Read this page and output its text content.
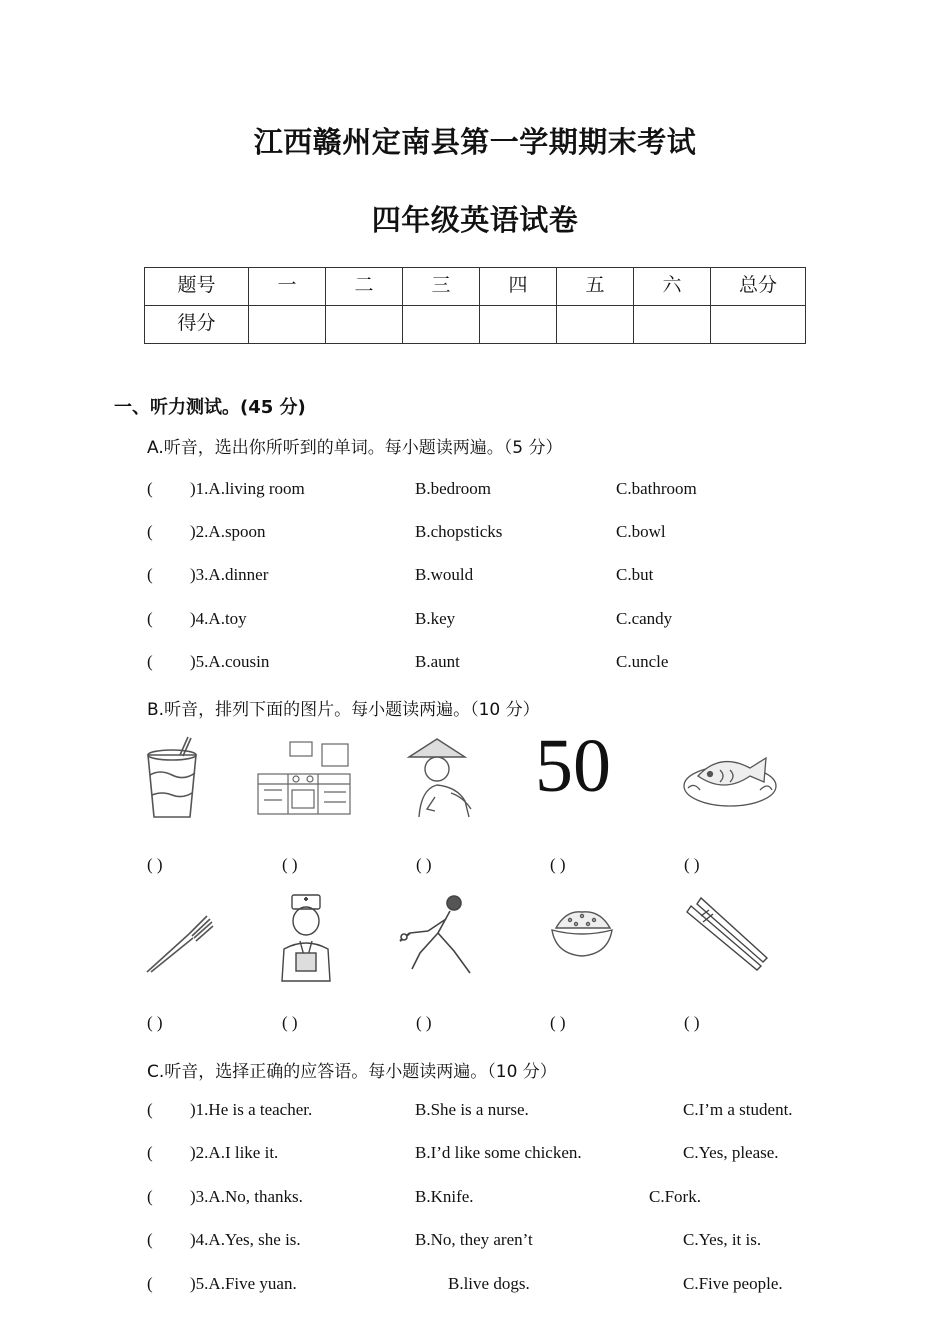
江西赣州定南县第一学期期末考试
四年级英语试卷
题号	一	二	三	四	五	六	总分

得分							

一、听力测试。(45 分)
A.听音，选出你所听到的单词。每小题读两遍。（5 分）
( )1.A.living room	B.bedroom	C.bathroom
( )2.A.spoon	B.chopsticks	C.bowl
( )3.A.dinner	B.would	C.but
( )4.A.toy	B.key	C.candy
( )5.A.cousin	B.aunt	C.uncle
B.听音，排列下面的图片。每小题读两遍。（10 分）
50
( )	( )	( )	( )	( )
( )	( )	( )	( )	( )
C.听音，选择正确的应答语。每小题读两遍。（10 分）
( )1.He is a teacher.	B.She is a nurse.	C.I’m a student.
( )2.A.I like it.	B.I’d like some chicken.	C.Yes, please.
( )3.A.No, thanks.	B.Knife.	C.Fork.
( )4.A.Yes, she is.	B.No, they aren’t	C.Yes, it is.
( )5.A.Five yuan.	B.live dogs.	C.Five people.
